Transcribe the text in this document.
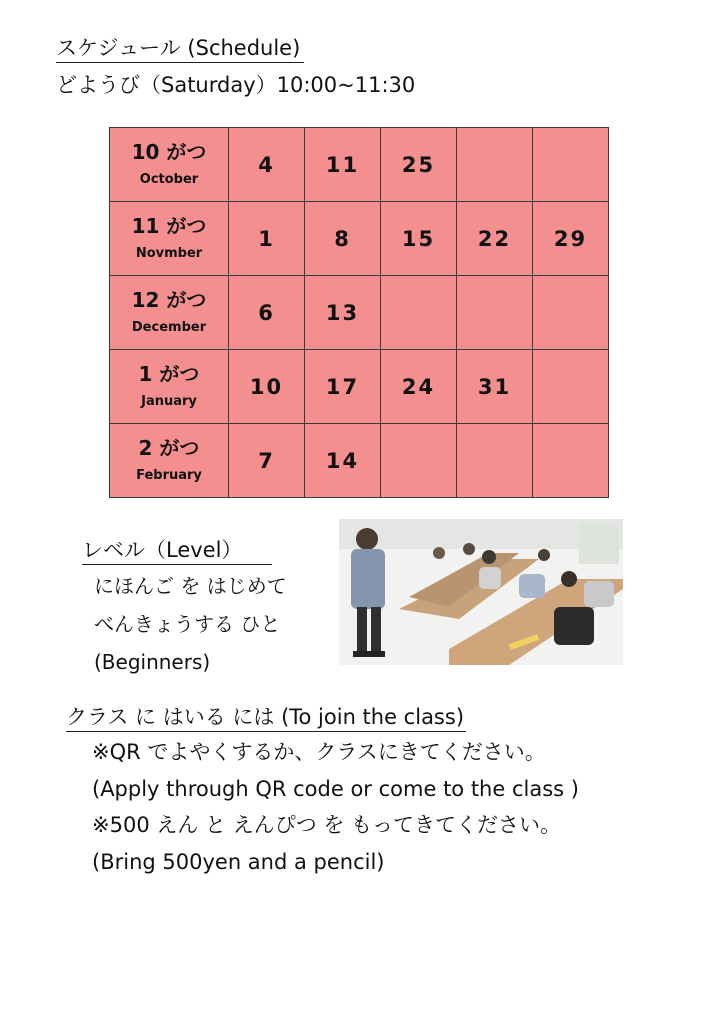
スケジュール (Schedule)
どようび（Saturday）10:00~11:30
10 がつ
October	4	11	25		

11 がつ
Novmber	1	8	15	22	29

12 がつ
December	6	13			

1 がつ
January	10	17	24	31	

2 がつ
February	7	14			
レベル（Level）
にほんご を はじめて
べんきょうする ひと
(Beginners)
クラス に はいる には (To join the class)
※QR でよやくするか、クラスにきてください。
(Apply through QR code or come to the class )
※500 えん と えんぴつ を もってきてください。
(Bring 500yen and a pencil)
